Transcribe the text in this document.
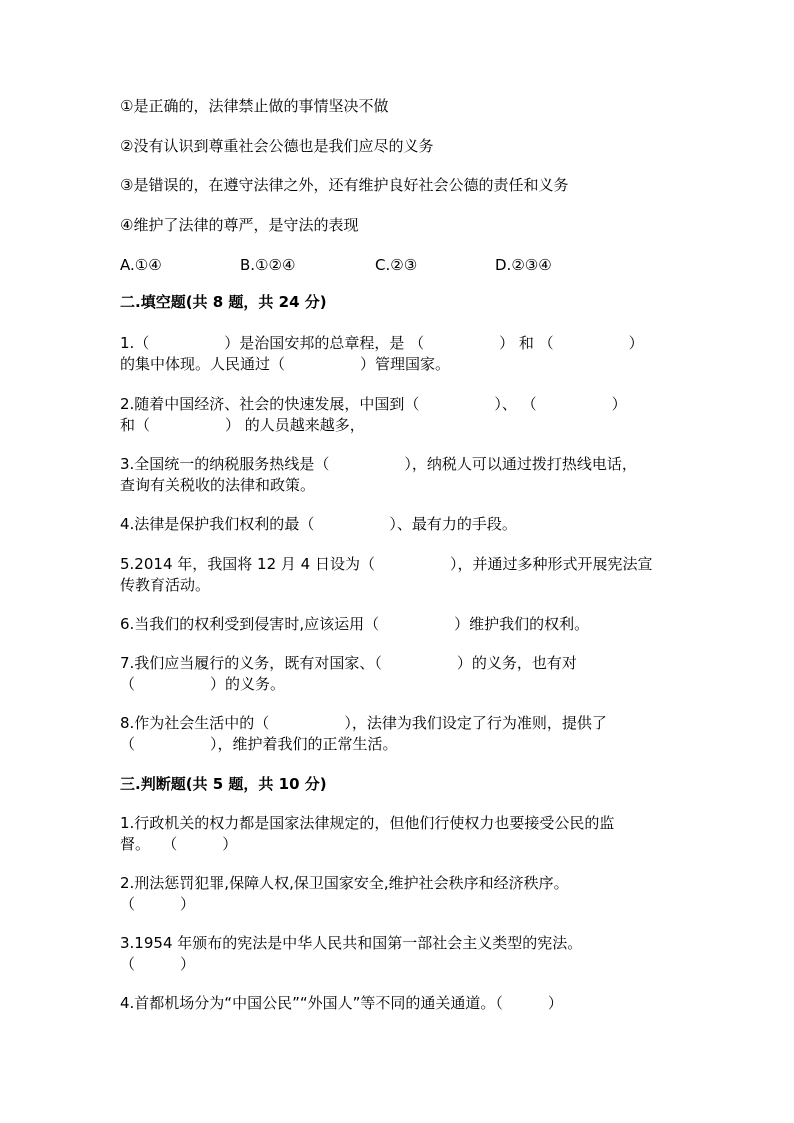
①是正确的，法律禁止做的事情坚决不做
②没有认识到尊重社会公德也是我们应尽的义务
③是错误的，在遵守法律之外，还有维护良好社会公德的责任和义务
④维护了法律的尊严，是守法的表现
A.①④	B.①②④	C.②③	D.②③④
二.填空题(共 8 题，共 24 分)
1.（　　　　　）是治国安邦的总章程，是 （　　　　　） 和 （　　　　　）
的集中体现。人民通过（　　　　　）管理国家。
2.随着中国经济、社会的快速发展，中国到（　　　　　）、 （　　　　　）
和（　　　　　） 的人员越来越多，
3.全国统一的纳税服务热线是（　　　　　），纳税人可以通过拨打热线电话，
查询有关税收的法律和政策。
4.法律是保护我们权利的最（　　　　　）、最有力的手段。
5.2014 年，我国将 12 月 4 日设为（　　　　　），并通过多种形式开展宪法宣
传教育活动。
6.当我们的权利受到侵害时,应该运用（　　　　　）维护我们的权利。
7.我们应当履行的义务，既有对国家、（　　　　　）的义务，也有对
（　　　　　）的义务。
8.作为社会生活中的（　　　　　），法律为我们设定了行为准则，提供了
（　　　　　），维护着我们的正常生活。
三.判断题(共 5 题，共 10 分)
1.行政机关的权力都是国家法律规定的，但他们行使权力也要接受公民的监
督。　 （　　　）
2.刑法惩罚犯罪,保障人权,保卫国家安全,维护社会秩序和经济秩序。
（　　　）
3.1954 年颁布的宪法是中华人民共和国第一部社会主义类型的宪法。
（　　　）
4.首都机场分为“中国公民”“外国人”等不同的通关通道。（　　　）
